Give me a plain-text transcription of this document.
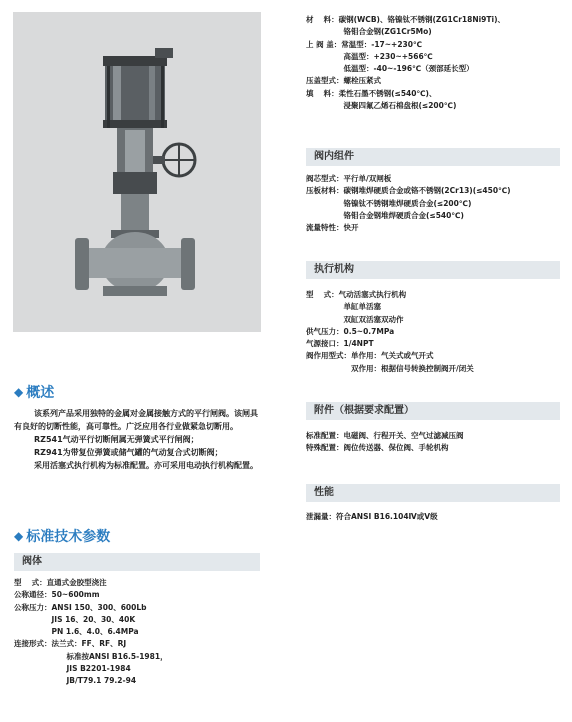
◆ 概述

该系列产品采用独特的金属对金属接触方式的平行闸阀。该闸具有良好的切断性能，高可靠性。广泛应用各行业做紧急切断用。

RZ541气动平行切断闸属无弹簧式平行闸阀；

RZ941为带复位弹簧或储气罐的气动复合式切断阀；

采用活塞式执行机构为标准配置。亦可采用电动执行机构配置。

◆ 标准技术参数
阀体
型　 式：直通式金胶型浇注
公称通径：50~600mm
公称压力：ANSI 150、300、600Lb
　　　　　JIS 16、20、30、40K
　　　　　PN 1.6、4.0、6.4MPa
连接形式：法兰式：FF、RF、RJ
　　　　　　　标准按ANSI B16.5-1981，
　　　　　　　JIS B2201-1984
　　　　　　　JB/T79.1 79.2-94
材　 料：碳钢(WCB)、铬镍钛不锈钢(ZG1Cr18Ni9Ti)、
　　　　　铬钼合金钢(ZG1Cr5Mo)
上 阀 盖：常温型：-17~+230℃
　　　　　高温型：+230~+566℃
　　　　　低温型：-40~-196℃（颈部延长型）
压盖型式：螺栓压紧式
填　 料：柔性石墨不锈钢(≤540℃)、
　　　　　浸聚四氟乙烯石棉盘根(≤200℃)
阀内组件
阀芯型式：平行单/双闸板
压板材料：碳钢堆焊硬质合金或铬不锈钢(2Cr13)(≤450℃)
　　　　　铬镍钛不锈钢堆焊硬质合金(≤200℃)
　　　　　铬钼合金钢堆焊硬质合金(≤540℃)
流量特性：快开
执行机构
型　 式：气动活塞式执行机构
　　　　　单缸单活塞
　　　　　双缸双活塞双动作
供气压力：0.5~0.7MPa
气源接口：1/4NPT
阀作用型式：单作用：气关式或气开式
　　　　　　双作用：根据信号转换控制阀开/闭关
附件（根据要求配置）
标准配置：电磁阀、行程开关、空气过滤减压阀
特殊配置：阀位传送器、保位阀、手轮机构
性能
泄漏量：符合ANSI B16.104Ⅳ或Ⅴ级
